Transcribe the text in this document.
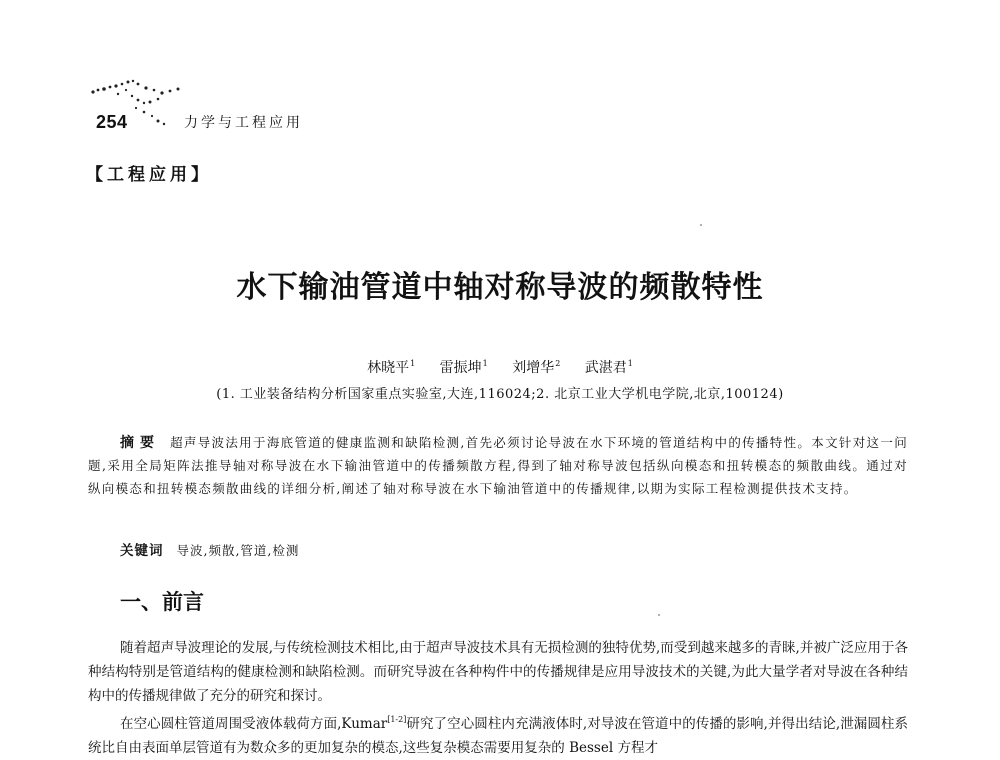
254	力学与工程应用
【工程应用】
水下输油管道中轴对称导波的频散特性
林晓平$^1$ 雷振坤$^1$ 刘增华$^2$ 武湛君$^1$
(1. 工业装备结构分析国家重点实验室,大连,116024;2. 北京工业大学机电学院,北京,100124)

摘要 超声导波法用于海底管道的健康监测和缺陷检测,首先必须讨论导波在水下环境的管道结构中的传播特性。本文针对这一问题,采用全局矩阵法推导轴对称导波在水下输油管道中的传播频散方程,得到了轴对称导波包括纵向模态和扭转模态的频散曲线。通过对纵向模态和扭转模态频散曲线的详细分析,阐述了轴对称导波在水下输油管道中的传播规律,以期为实际工程检测提供技术支持。

关键词 导波,频散,管道,检测
一、前言

随着超声导波理论的发展,与传统检测技术相比,由于超声导波技术具有无损检测的独特优势,而受到越来越多的青睐,并被广泛应用于各种结构特别是管道结构的健康检测和缺陷检测。而研究导波在各种构件中的传播规律是应用导波技术的关键,为此大量学者对导波在各种结构中的传播规律做了充分的研究和探讨。

在空心圆柱管道周围受液体载荷方面,Kumar[1-2]研究了空心圆柱内充满液体时,对导波在管道中的传播的影响,并得出结论,泄漏圆柱系统比自由表面单层管道有为数众多的更加复杂的模态,这些复杂模态需要用复杂的 Bessel 方程才
